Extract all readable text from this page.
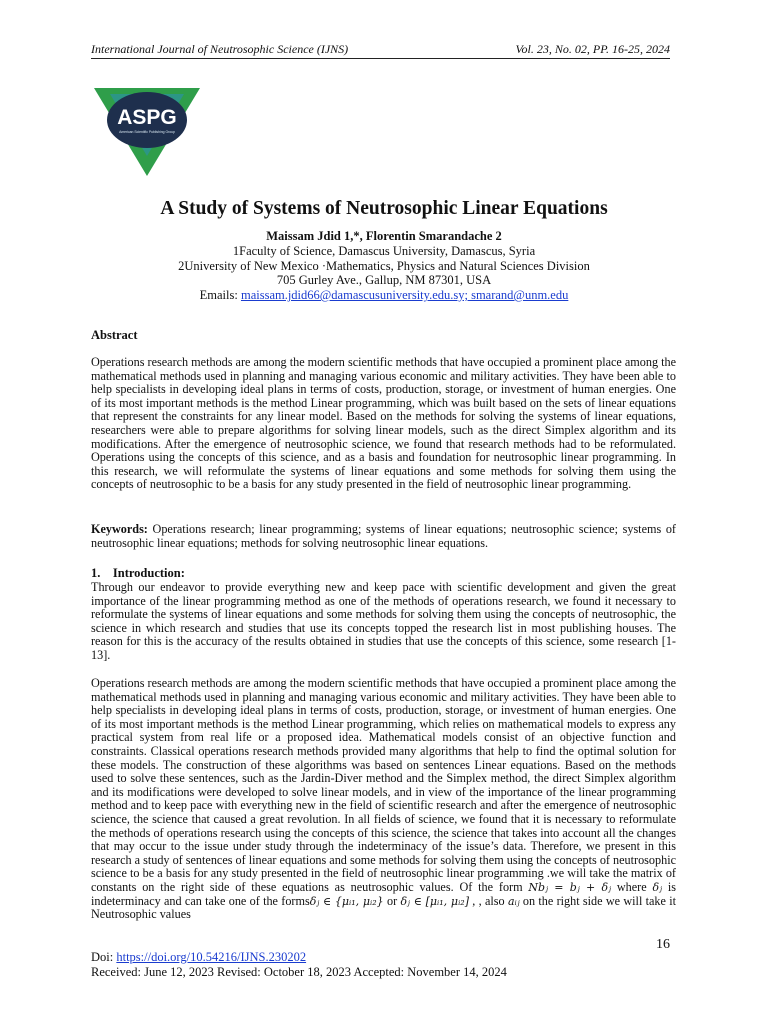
International Journal of Neutrosophic Science (IJNS)	Vol. 23, No. 02, PP. 16-25, 2024
ASPG
American Scientific Publishing Group
A Study of Systems of Neutrosophic Linear Equations
Maissam Jdid 1,*, Florentin Smarandache 2
1Faculty of Science, Damascus University, Damascus, Syria
2University of New Mexico ·Mathematics, Physics and Natural Sciences Division
705 Gurley Ave., Gallup, NM 87301, USA
Emails: maissam.jdid66@damascusuniversity.edu.sy; smarand@unm.edu
Abstract

Operations research methods are among the modern scientific methods that have occupied a prominent place among the mathematical methods used in planning and managing various economic and military activities. They have been able to help specialists in developing ideal plans in terms of costs, production, storage, or investment of human energies. One of its most important methods is the method Linear programming, which was built based on the sets of linear equations that represent the constraints for any linear model. Based on the methods for solving the systems of linear equations, researchers were able to prepare algorithms for solving linear models, such as the direct Simplex algorithm and its modifications. After the emergence of neutrosophic science, we found that research methods had to be reformulated. Operations using the concepts of this science, and as a basis and foundation for neutrosophic linear programming. In this research, we will reformulate the systems of linear equations and some methods for solving them using the concepts of neutrosophic to be a basis for any study presented in the field of neutrosophic linear programming.

Keywords: Operations research; linear programming; systems of linear equations; neutrosophic science; systems of neutrosophic linear equations; methods for solving neutrosophic linear equations.

1.    Introduction:

Through our endeavor to provide everything new and keep pace with scientific development and given the great importance of the linear programming method as one of the methods of operations research, we found it necessary to reformulate the systems of linear equations and some methods for solving them using the concepts of neutrosophic, the science in which research and studies that use its concepts topped the research list in most publishing houses. The reason for this is the accuracy of the results obtained in studies that use the concepts of this science, some research [1-13].

Operations research methods are among the modern scientific methods that have occupied a prominent place among the mathematical methods used in planning and managing various economic and military activities. They have been able to help specialists in developing ideal plans in terms of costs, production, storage, or investment of human energies. One of its most important methods is the method Linear programming, which relies on mathematical models to express any practical system from real life or a proposed idea. Mathematical models consist of an objective function and constraints. Classical operations research methods provided many algorithms that help to find the optimal solution for these models. The construction of these algorithms was based on sentences Linear equations. Based on the methods used to solve these sentences, such as the Jardin-Diver method and the Simplex method, the direct Simplex algorithm and its modifications were developed to solve linear models, and in view of the importance of the linear programming method and to keep pace with everything new in the field of scientific research and after the emergence of neutrosophic science, the science that caused a great revolution. In all fields of science, we found that it is necessary to reformulate the methods of operations research using the concepts of this science, the science that takes into account all the changes that may occur to the issue under study through the indeterminacy of the issue’s data. Therefore, we present in this research a study of sentences of linear equations and some methods for solving them using the concepts of neutrosophic science to be a basis for any study presented in the field of neutrosophic linear programming .we will take the matrix of constants on the right side of these equations as neutrosophic values. Of the form Nbⱼ = bⱼ + δⱼ where δⱼ is indeterminacy and can take one of the formsδⱼ ∈ {μᵢ₁, μᵢ₂} or δⱼ ∈ [μᵢ₁, μᵢ₂] , , also aᵢⱼ on the right side we will take it Neutrosophic values

16
Doi: https://doi.org/10.54216/IJNS.230202
Received: June 12, 2023 Revised: October 18, 2023 Accepted: November 14, 2024
